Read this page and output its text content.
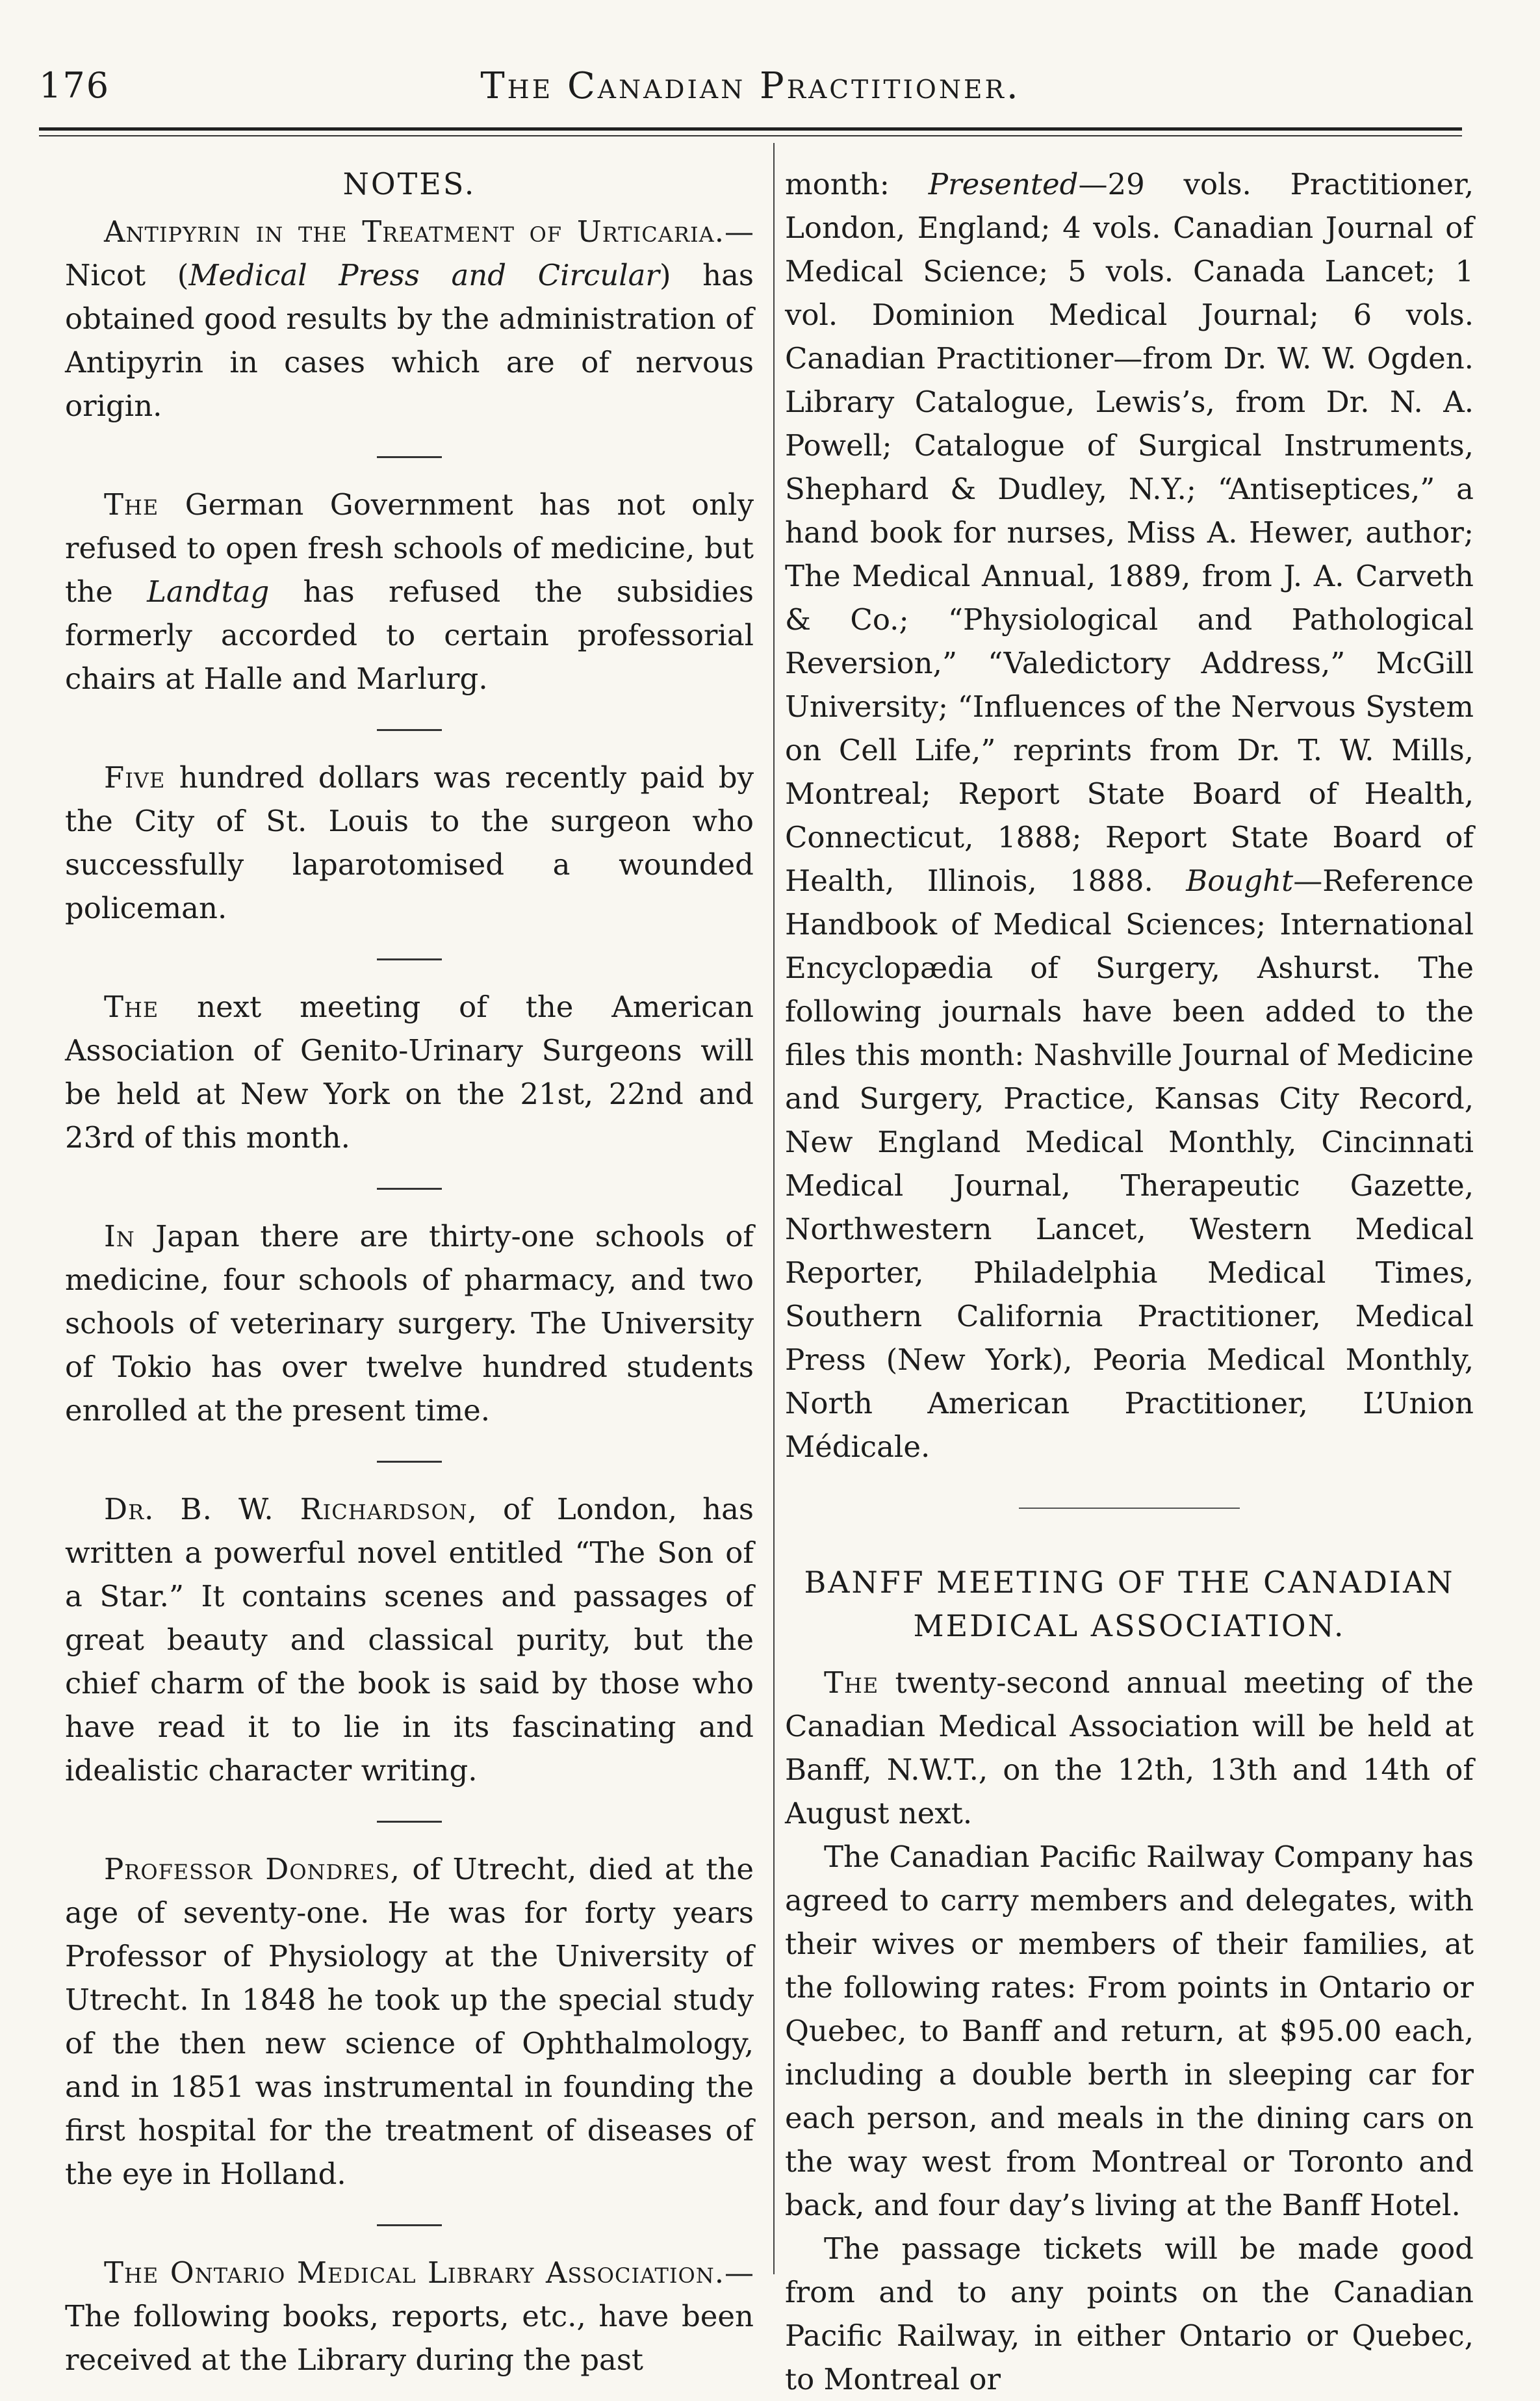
176	The Canadian Practitioner.

NOTES.

Antipyrin in the Treatment of Urticaria.—Nicot (Medical Press and Circular) has obtained good results by the administration of Antipyrin in cases which are of nervous origin.

The German Government has not only refused to open fresh schools of medicine, but the Landtag has refused the subsidies formerly accorded to certain professorial chairs at Halle and Marlurg.

Five hundred dollars was recently paid by the City of St. Louis to the surgeon who successfully laparotomised a wounded policeman.

The next meeting of the American Association of Genito-Urinary Surgeons will be held at New York on the 21st, 22nd and 23rd of this month.

In Japan there are thirty-one schools of medicine, four schools of pharmacy, and two schools of veterinary surgery. The University of Tokio has over twelve hundred students enrolled at the present time.

Dr. B. W. Richardson, of London, has written a powerful novel entitled “The Son of a Star.” It contains scenes and passages of great beauty and classical purity, but the chief charm of the book is said by those who have read it to lie in its fascinating and idealistic character writing.

Professor Dondres, of Utrecht, died at the age of seventy-one. He was for forty years Professor of Physiology at the University of Utrecht. In 1848 he took up the special study of the then new science of Ophthalmology, and in 1851 was instrumental in founding the first hospital for the treatment of diseases of the eye in Holland.

The Ontario Medical Library Association.—The following books, reports, etc., have been received at the Library during the past

month: Presented—29 vols. Practitioner, London, England; 4 vols. Canadian Journal of Medical Science; 5 vols. Canada Lancet; 1 vol. Dominion Medical Journal; 6 vols. Canadian Practitioner—from Dr. W. W. Ogden. Library Catalogue, Lewis’s, from Dr. N. A. Powell; Catalogue of Surgical Instruments, Shephard & Dudley, N.Y.; “Antiseptices,” a hand book for nurses, Miss A. Hewer, author; The Medical Annual, 1889, from J. A. Carveth & Co.; “Physiological and Pathological Reversion,” “Valedictory Address,” McGill University; “Influences of the Nervous System on Cell Life,” reprints from Dr. T. W. Mills, Montreal; Report State Board of Health, Connecticut, 1888; Report State Board of Health, Illinois, 1888. Bought—Reference Handbook of Medical Sciences; International Encyclopædia of Surgery, Ashurst. The following journals have been added to the files this month: Nashville Journal of Medicine and Surgery, Practice, Kansas City Record, New England Medical Monthly, Cincinnati Medical Journal, Therapeutic Gazette, Northwestern Lancet, Western Medical Reporter, Philadelphia Medical Times, Southern California Practitioner, Medical Press (New York), Peoria Medical Monthly, North American Practitioner, L’Union Médicale.

BANFF MEETING OF THE CANADIAN MEDICAL ASSOCIATION.

The twenty-second annual meeting of the Canadian Medical Association will be held at Banff, N.W.T., on the 12th, 13th and 14th of August next.

The Canadian Pacific Railway Company has agreed to carry members and delegates, with their wives or members of their families, at the following rates: From points in Ontario or Quebec, to Banff and return, at $95.00 each, including a double berth in sleeping car for each person, and meals in the dining cars on the way west from Montreal or Toronto and back, and four day’s living at the Banff Hotel.

The passage tickets will be made good from and to any points on the Canadian Pacific Railway, in either Ontario or Quebec, to Montreal or
